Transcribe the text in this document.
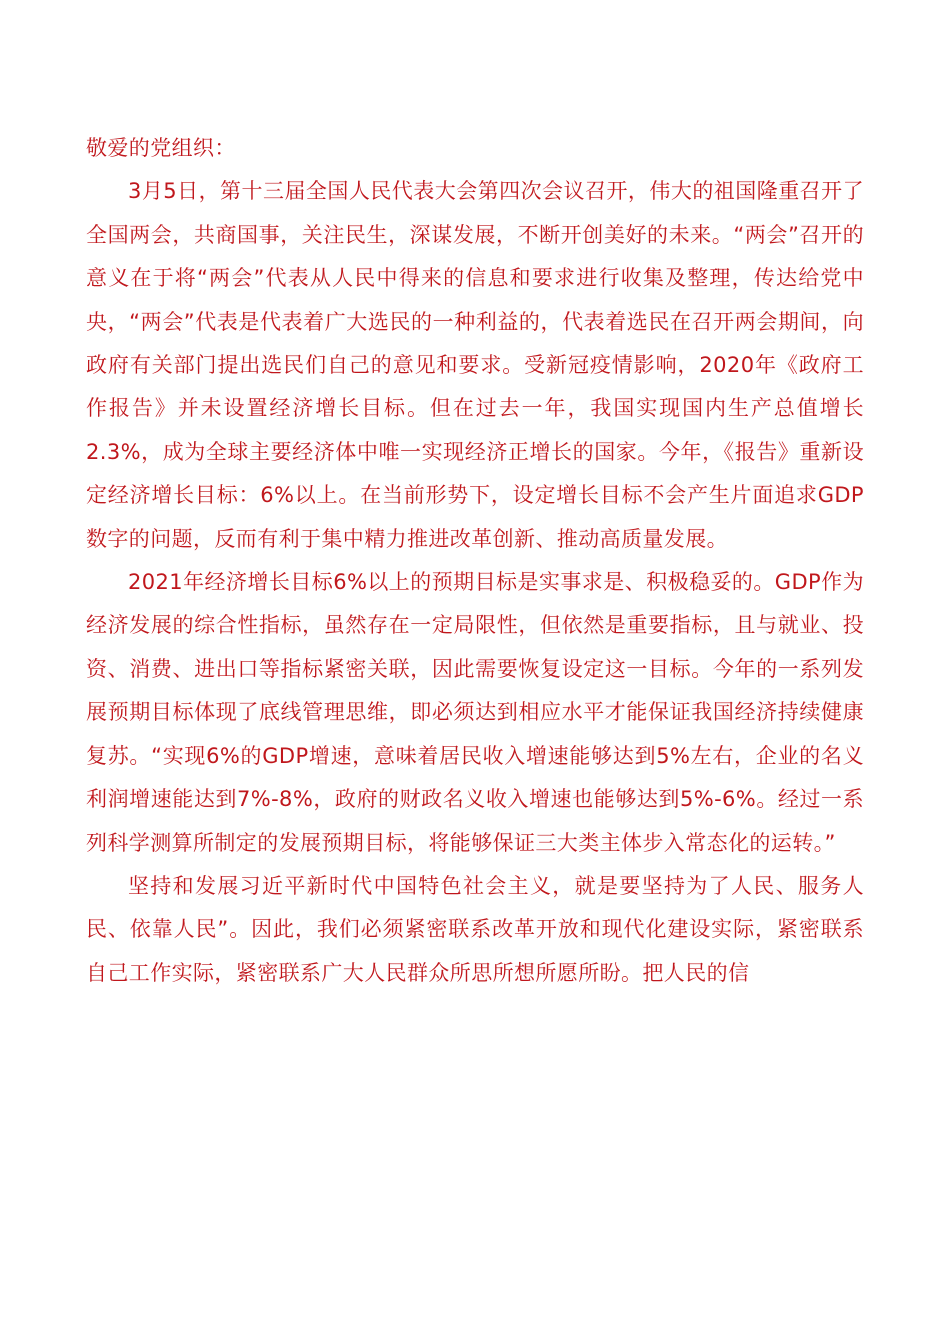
敬爱的党组织：

3月5日，第十三届全国人民代表大会第四次会议召开，伟大的祖国隆重召开了全国两会，共商国事，关注民生，深谋发展，不断开创美好的未来。“两会”召开的意义在于将“两会”代表从人民中得来的信息和要求进行收集及整理，传达给党中央，“两会”代表是代表着广大选民的一种利益的，代表着选民在召开两会期间，向政府有关部门提出选民们自己的意见和要求。受新冠疫情影响，2020年《政府工作报告》并未设置经济增长目标。但在过去一年，我国实现国内生产总值增长2.3%，成为全球主要经济体中唯一实现经济正增长的国家。今年，《报告》重新设定经济增长目标：6%以上。在当前形势下，设定增长目标不会产生片面追求GDP数字的问题，反而有利于集中精力推进改革创新、推动高质量发展。

2021年经济增长目标6%以上的预期目标是实事求是、积极稳妥的。GDP作为经济发展的综合性指标，虽然存在一定局限性，但依然是重要指标，且与就业、投资、消费、进出口等指标紧密关联，因此需要恢复设定这一目标。今年的一系列发展预期目标体现了底线管理思维，即必须达到相应水平才能保证我国经济持续健康复苏。“实现6%的GDP增速，意味着居民收入增速能够达到5%左右，企业的名义利润增速能达到7%-8%，政府的财政名义收入增速也能够达到5%-6%。经过一系列科学测算所制定的发展预期目标，将能够保证三大类主体步入常态化的运转。”

坚持和发展习近平新时代中国特色社会主义，就是要坚持为了人民、服务人民、依靠人民”。因此，我们必须紧密联系改革开放和现代化建设实际，紧密联系自己工作实际，紧密联系广大人民群众所思所想所愿所盼。把人民的信
